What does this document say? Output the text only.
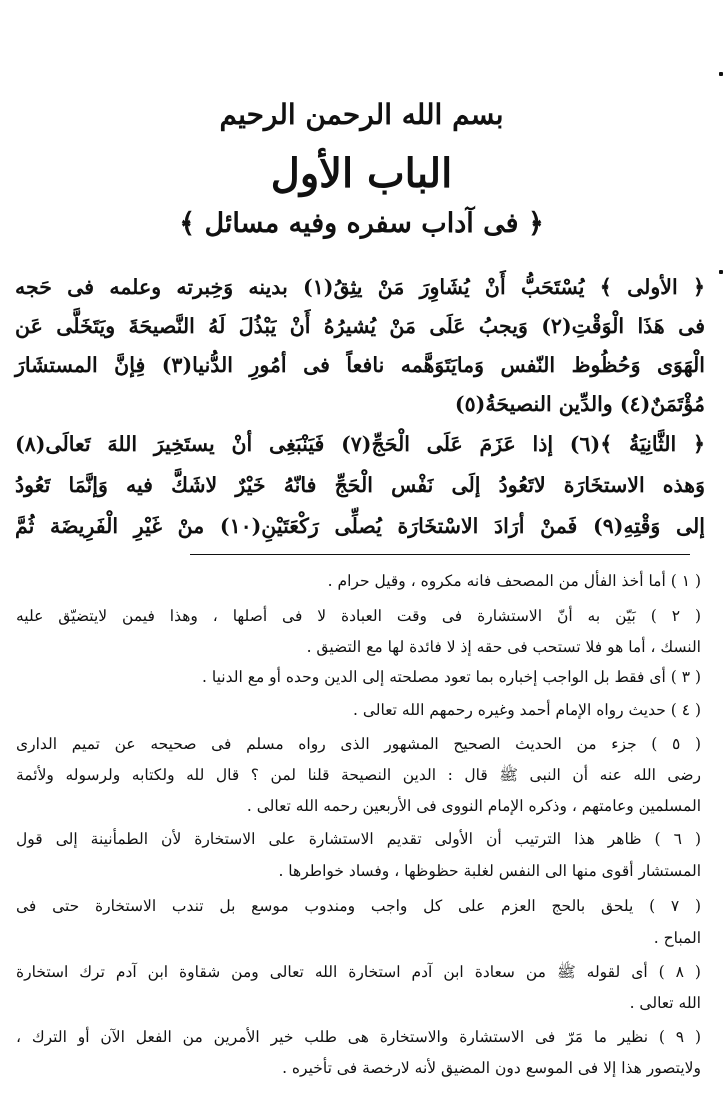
بسم الله الرحمن الرحيم
الباب الأول
﴿ فى آداب سفره وفيه مسائل ﴾
﴿ الأولى ﴾ يُسْتَحَبُّ أَنْ يُشَاوِرَ مَنْ يثِقُ(١) بدينه وَخِبرته وعلمه فى حَجه
فى هَذَا الْوَقْتِ(٢) وَيجبُ عَلَى مَنْ يُشيرُهُ أَنْ يَبْذُلَ لَهُ النَّصيحَةَ ويَتَخَلَّى عَن
الْهَوَى وَحُظُوظ النّفس وَمايَتَوَهَّمه نافعاً فى أمُورِ الدُّنيا(٣) فِإنَّ المستشَارَ
مُؤْتَمَنٌ(٤) والدِّين النصيحَةُ(٥)
﴿ الثَّانِيَةُ ﴾(٦) إذا عَزَمَ عَلَى الْحَجِّ(٧) فَيَنْبَغِى أنْ يستَخِيرَ اللهَ تَعالَى(٨)
وَهذه الاستخَارَة لاتَعُودُ إلَى نَفْس الْحَجِّ فانّهُ خَيْرٌ لاشَكَّ فيه وَإنَّمَا تَعُودُ
إلى وَقْتِهِ(٩) فَمنْ أرَادَ الاسْتخَارَة يُصلِّى رَكْعَتَيْنِ(١٠) منْ غَيْرِ الْفَرِيضَة ثُمَّ
( ١ ) أما أخذ الفأل من المصحف فانه مكروه ، وقيل حرام .
( ٢ ) بَيّن به أنّ الاستشارة فى وقت العبادة لا فى أصلها ، وهذا فيمن لايتضيّق عليه
النسك ، أما هو فلا تستحب فى حقه إذ لا فائدة لها مع التضيق .
( ٣ ) أى فقط بل الواجب إخباره بما تعود مصلحته إلى الدين وحده أو مع الدنيا .
( ٤ ) حديث رواه الإمام أحمد وغيره رحمهم الله تعالى .
( ٥ ) جزء من الحديث الصحيح المشهور الذى رواه مسلم فى صحيحه عن تميم الدارى
رضى الله عنه أن النبى ﷺ قال : الدين النصيحة قلنا لمن ؟ قال لله ولكتابه ولرسوله ولأئمة
المسلمين وعامتهم ، وذكره الإمام النووى فى الأربعين رحمه الله تعالى .
( ٦ ) ظاهر هذا الترتيب أن الأولى تقديم الاستشارة على الاستخارة لأن الطمأنينة إلى قول
المستشار أقوى منها الى النفس لغلبة حظوظها ، وفساد خواطرها .
( ٧ ) يلحق بالحج العزم على كل واجب ومندوب موسع بل تندب الاستخارة حتى فى
المباح .
( ٨ ) أى لقوله ﷺ من سعادة ابن آدم استخارة الله تعالى ومن شقاوة ابن آدم ترك استخارة
الله تعالى .
( ٩ ) نظير ما مَرّ فى الاستشارة والاستخارة هى طلب خير الأمرين من الفعل الآن أو الترك ،
ولايتصور هذا إلا فى الموسع دون المضيق لأنه لارخصة فى تأخيره .
